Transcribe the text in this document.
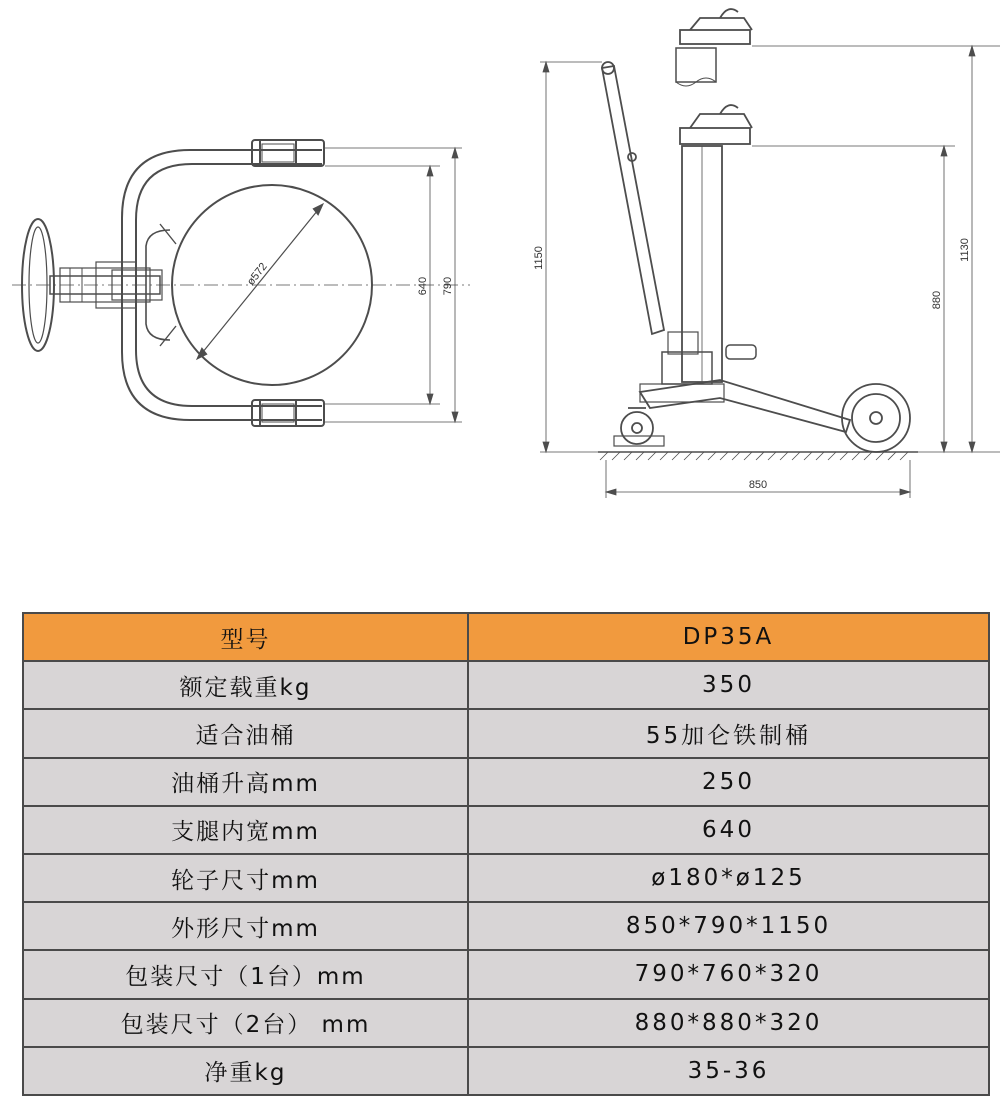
ø572	640 790
1150	1130
880
850
型号	DP35A
额定载重kg	350
适合油桶	55加仑铁制桶
油桶升高mm	250
支腿内宽mm	640
轮子尺寸mm	ø180*ø125
外形尺寸mm	850*790*1150
包装尺寸（1台）mm	790*760*320
包装尺寸（2台） mm	880*880*320
净重kg	35-36
